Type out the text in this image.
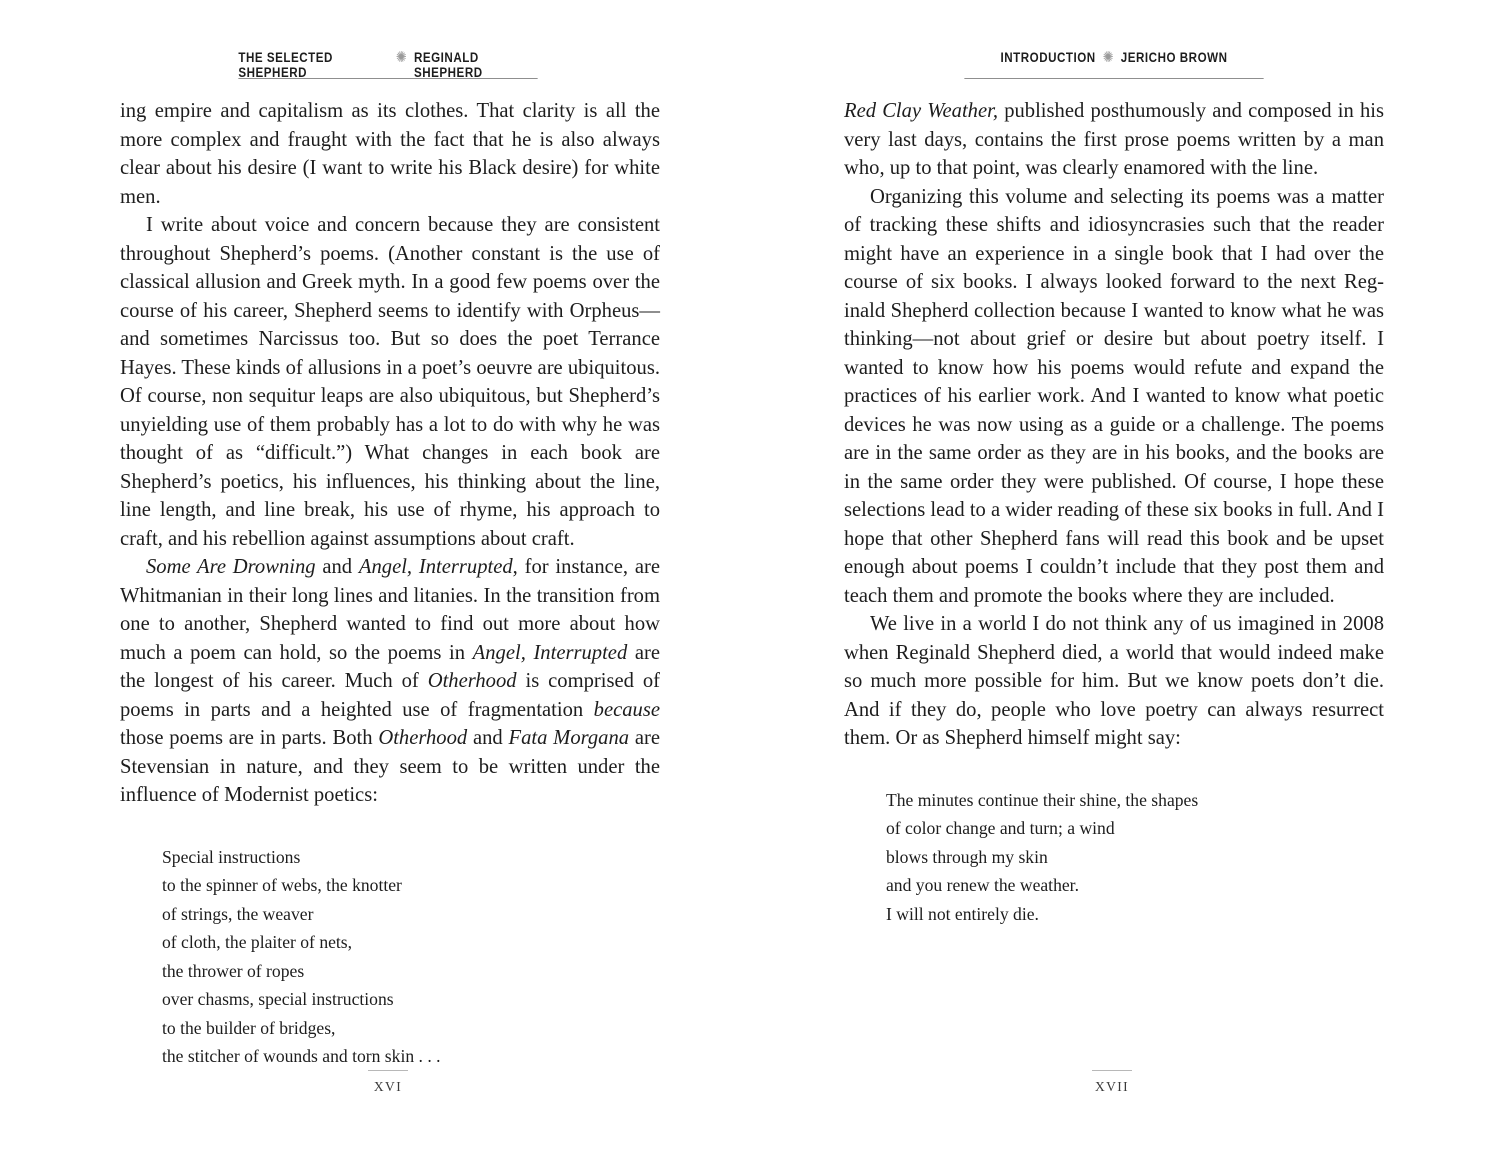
THE SELECTED SHEPHERD
✺ REGINALD SHEPHERD

ing empire and capitalism as its clothes. That clarity is all the more complex and fraught with the fact that he is also always clear about his desire (I want to write his Black desire) for white men.

I write about voice and concern because they are consistent throughout Shepherd’s poems. (Another constant is the use of classical allusion and Greek myth. In a good few poems over the course of his career, Shepherd seems to identify with Orpheus—and sometimes Narcissus too. But so does the poet Terrance Hayes. These kinds of allusions in a poet’s oeuvre are ubiquitous. Of course, non sequitur leaps are also ubiquitous, but Shepherd’s unyielding use of them probably has a lot to do with why he was thought of as “difficult.”) What changes in each book are Shepherd’s poetics, his influences, his thinking about the line, line length, and line break, his use of rhyme, his approach to craft, and his rebellion against assumptions about craft.

Some Are Drowning and Angel, Interrupted, for instance, are Whitmanian in their long lines and litanies. In the transition from one to another, Shepherd wanted to find out more about how much a poem can hold, so the poems in Angel, Interrupted are the longest of his career. Much of Otherhood is comprised of poems in parts and a heighted use of fragmentation because those poems are in parts. Both Otherhood and Fata Morgana are Stevensian in nature, and they seem to be written under the influence of Modernist poetics:

Special instructions
to the spinner of webs, the knotter
of strings, the weaver
of cloth, the plaiter of nets,
the thrower of ropes
over chasms, special instructions
to the builder of bridges,
the stitcher of wounds and torn skin . . .
XVI
INTRODUCTION ✺ JERICHO BROWN

Red Clay Weather, published posthumously and composed in his very last days, contains the first prose poems written by a man who, up to that point, was clearly enamored with the line.

Organizing this volume and selecting its poems was a matter of tracking these shifts and idiosyncrasies such that the reader might have an experience in a single book that I had over the course of six books. I always looked forward to the next Reginald Shepherd collection because I wanted to know what he was thinking—not about grief or desire but about poetry itself. I wanted to know how his poems would refute and expand the practices of his earlier work. And I wanted to know what poetic devices he was now using as a guide or a challenge. The poems are in the same order as they are in his books, and the books are in the same order they were published. Of course, I hope these selections lead to a wider reading of these six books in full. And I hope that other Shepherd fans will read this book and be upset enough about poems I couldn’t include that they post them and teach them and promote the books where they are included.

We live in a world I do not think any of us imagined in 2008 when Reginald Shepherd died, a world that would indeed make so much more possible for him. But we know poets don’t die. And if they do, people who love poetry can always resurrect them. Or as Shepherd himself might say:

The minutes continue their shine, the shapes
of color change and turn; a wind
blows through my skin
and you renew the weather.
I will not entirely die.
XVII
